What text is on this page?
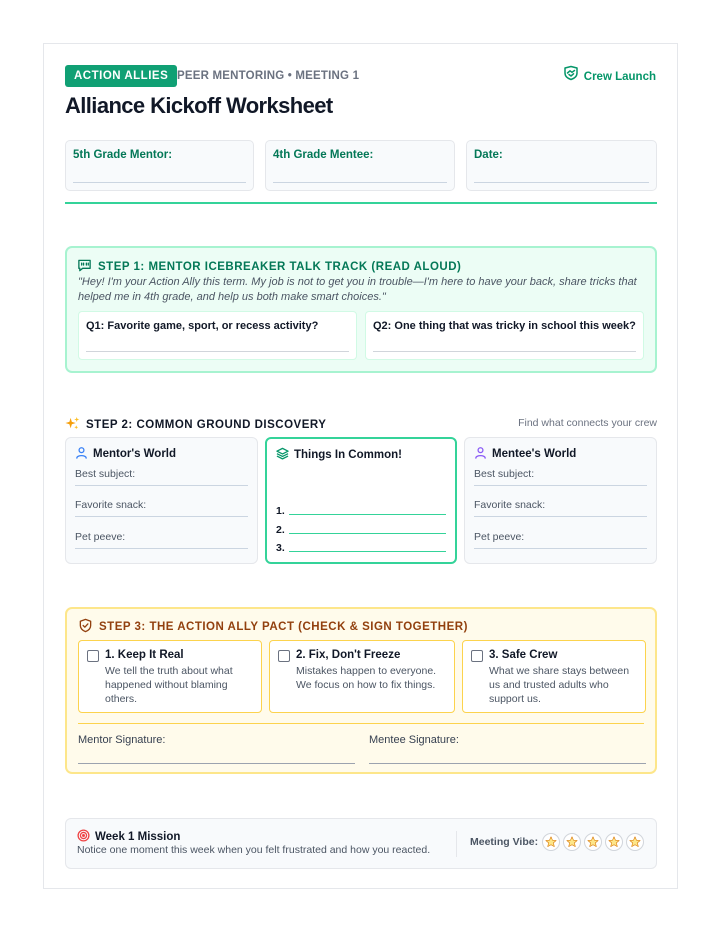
ACTION ALLIES PEER MENTORING • MEETING 1	Crew Launch
Alliance Kickoff Worksheet
5th Grade Mentor:	4th Grade Mentee:	Date:
STEP 1: MENTOR ICEBREAKER TALK TRACK (READ ALOUD)
"Hey! I'm your Action Ally this term. My job is not to get you in trouble—I'm here to have your back, share tricks that helped me in 4th grade, and help us both make smart choices."
Q1: Favorite game, sport, or recess activity?	Q2: One thing that was tricky in school this week?
STEP 2: COMMON GROUND DISCOVERY	Find what connects your crew
Mentor's World
Best subject:
Favorite snack:
Pet peeve:
Things In Common!
1.
2.
3.
Mentee's World
Best subject:
Favorite snack:
Pet peeve:
STEP 3: THE ACTION ALLY PACT (CHECK & SIGN TOGETHER)
1. Keep It Real
We tell the truth about what happened without blaming others.
2. Fix, Don't Freeze
Mistakes happen to everyone. We focus on how to fix things.
3. Safe Crew
What we share stays between us and trusted adults who support us.
Mentor Signature:	Mentee Signature:
Week 1 Mission
Notice one moment this week when you felt frustrated and how you reacted.
Meeting Vibe:
